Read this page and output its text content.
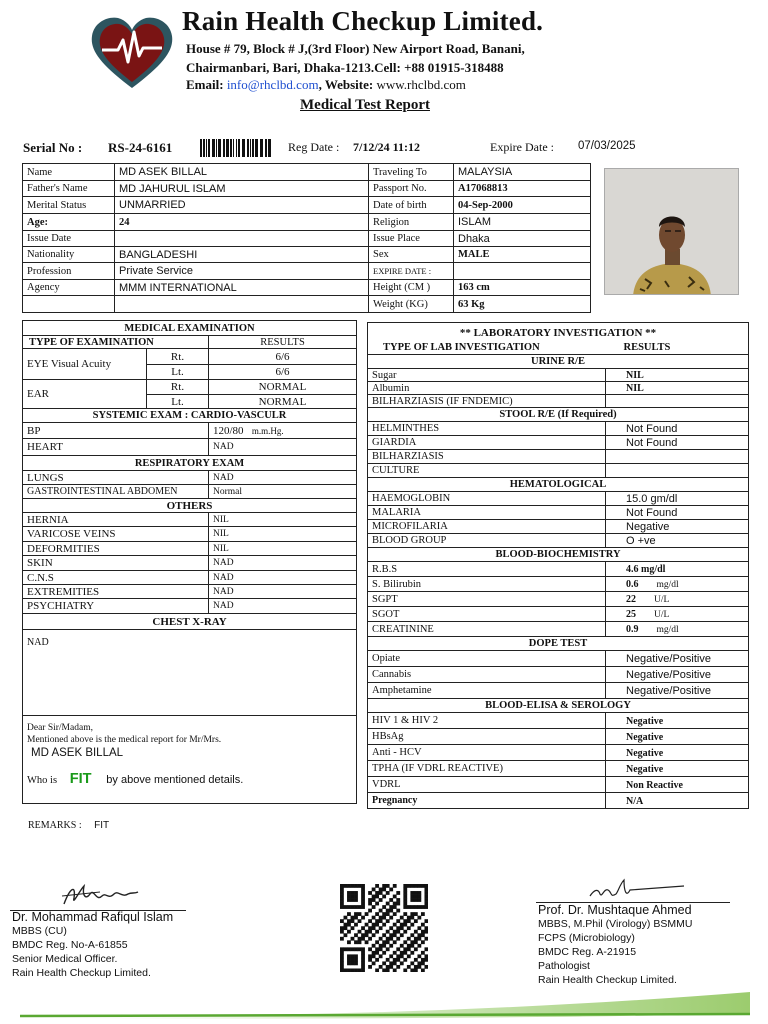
Rain Health Checkup Limited.
House # 79, Block # J,(3rd Floor) New Airport Road, Banani,
Chairmanbari, Bari, Dhaka-1213.Cell: +88 01915-318488
Email: info@rhclbd.com, Website: www.rhclbd.com
Medical Test Report
Serial No : RS-24-6161	Reg Date : 7/12/24 11:12	Expire Date : 07/03/2025
Name	MD ASEK BILLAL	Traveling To	MALAYSIA
Father's Name	MD JAHURUL ISLAM	Passport No.	A17068813
Merital Status	UNMARRIED	Date of birth	04-Sep-2000
Age:	24	Religion	ISLAM
Issue Date		Issue Place	Dhaka
Nationality	BANGLADESHI	Sex	MALE
Profession	Private Service	EXPIRE DATE :	
Agency	MMM INTERNATIONAL	Height (CM )	163 cm
		Weight (KG)	63 Kg
MEDICAL EXAMINATION		
TYPE OF EXAMINATION		RESULTS
EYE Visual Acuity	Rt.	6/6
	Lt.	6/6
EAR	Rt.	NORMAL
	Lt.	NORMAL
SYSTEMIC EXAM : CARDIO-VASCULR		
BP		120/80 m.m.Hg.
HEART		NAD
RESPIRATORY EXAM		
LUNGS		NAD
GASTROINTESTINAL ABDOMEN		Normal
OTHERS		
HERNIA		NIL
VARICOSE VEINS		NIL
DEFORMITIES		NIL
SKIN		NAD
C.N.S		NAD
EXTREMITIES		NAD
PSYCHIATRY		NAD
CHEST X-RAY		
NAD		

Dear Sir/Madam,
Mentioned above is the medical report for Mr/Mrs.
MD ASEK BILLAL
Who is FIT by above mentioned details.		
** LABORATORY INVESTIGATION **	
TYPE OF LAB INVESTIGATION	RESULTS
URINE R/E	
Sugar	NIL
Albumin	NIL
BILHARZIASIS (IF FNDEMIC)	
STOOL R/E (If Required)	
HELMINTHES	Not Found
GIARDIA	Not Found
BILHARZIASIS	
CULTURE	
HEMATOLOGICAL	
HAEMOGLOBIN	15.0 gm/dl
MALARIA	Not Found
MICROFILARIA	Negative
BLOOD GROUP	O +ve
BLOOD-BIOCHEMISTRY	
R.B.S	4.6 mg/dl
S. Bilirubin	0.6 mg/dl
SGPT	22 U/L
SGOT	25 U/L
CREATININE	0.9 mg/dl
DOPE TEST	
Opiate	Negative/Positive
Cannabis	Negative/Positive
Amphetamine	Negative/Positive
BLOOD-ELISA & SEROLOGY	
HIV 1 & HIV 2	Negative
HBsAg	Negative
Anti - HCV	Negative
TPHA (IF VDRL REACTIVE)	Negative
VDRL	Non Reactive
Pregnancy	N/A
REMARKS : FIT
Dr. Mohammad Rafiqul Islam
MBBS (CU)
BMDC Reg. No-A-61855
Senior Medical Officer.
Rain Health Checkup Limited.
Prof. Dr. Mushtaque Ahmed
MBBS, M.Phil (Virology) BSMMU
FCPS (Microbiology)
BMDC Reg. A-21915
Pathologist
Rain Health Checkup Limited.
